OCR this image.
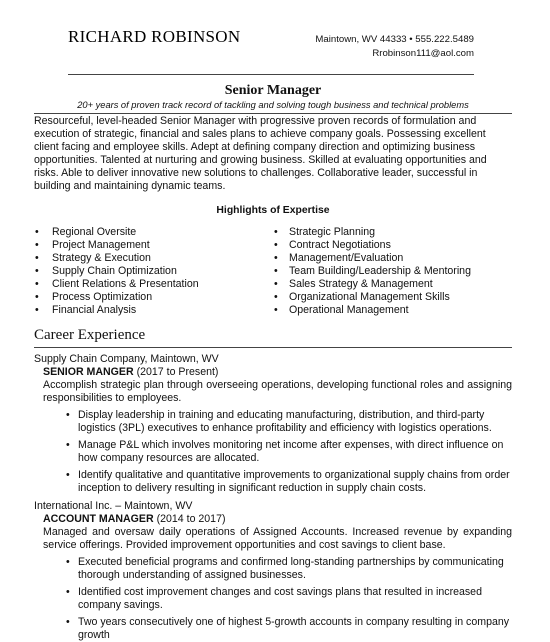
RICHARD ROBINSON	Maintown, WV 44333 • 555.222.5489
Rrobinson111@aol.com
Senior Manager
20+ years of proven track record of tackling and solving tough business and technical problems

Resourceful, level-headed Senior Manager with progressive proven records of formulation and execution of strategic, financial and sales plans to achieve company goals. Possessing excellent client facing and employee skills. Adept at defining company direction and optimizing business opportunities. Talented at nurturing and growing business. Skilled at evaluating opportunities and risks. Able to deliver innovative new solutions to challenges. Collaborative leader, successful in building and maintaining dynamic teams.

Highlights of Expertise
• Regional Oversite
• Project Management
• Strategy & Execution
• Supply Chain Optimization
• Client Relations & Presentation
• Process Optimization
• Financial Analysis
• Strategic Planning
• Contract Negotiations
• Management/Evaluation
• Team Building/Leadership & Mentoring
• Sales Strategy & Management
• Organizational Management Skills
• Operational Management
Career Experience
Supply Chain Company, Maintown, WV
SENIOR MANGER (2017 to Present)

Accomplish strategic plan through overseeing operations, developing functional roles and assigning responsibilities to employees.

• Display leadership in training and educating manufacturing, distribution, and third-party logistics (3PL) executives to enhance profitability and efficiency with logistics operations.
• Manage P&L which involves monitoring net income after expenses, with direct influence on how company resources are allocated.
• Identify qualitative and quantitative improvements to organizational supply chains from order inception to delivery resulting in significant reduction in supply chain costs.
International Inc. – Maintown, WV
ACCOUNT MANAGER (2014 to 2017)

Managed and oversaw daily operations of Assigned Accounts. Increased revenue by expanding service offerings. Provided improvement opportunities and cost savings to client base.

• Executed beneficial programs and confirmed long-standing partnerships by communicating thorough understanding of assigned businesses.
• Identified cost improvement changes and cost savings plans that resulted in increased company savings.
• Two years consecutively one of highest 5-growth accounts in company resulting in company growth
